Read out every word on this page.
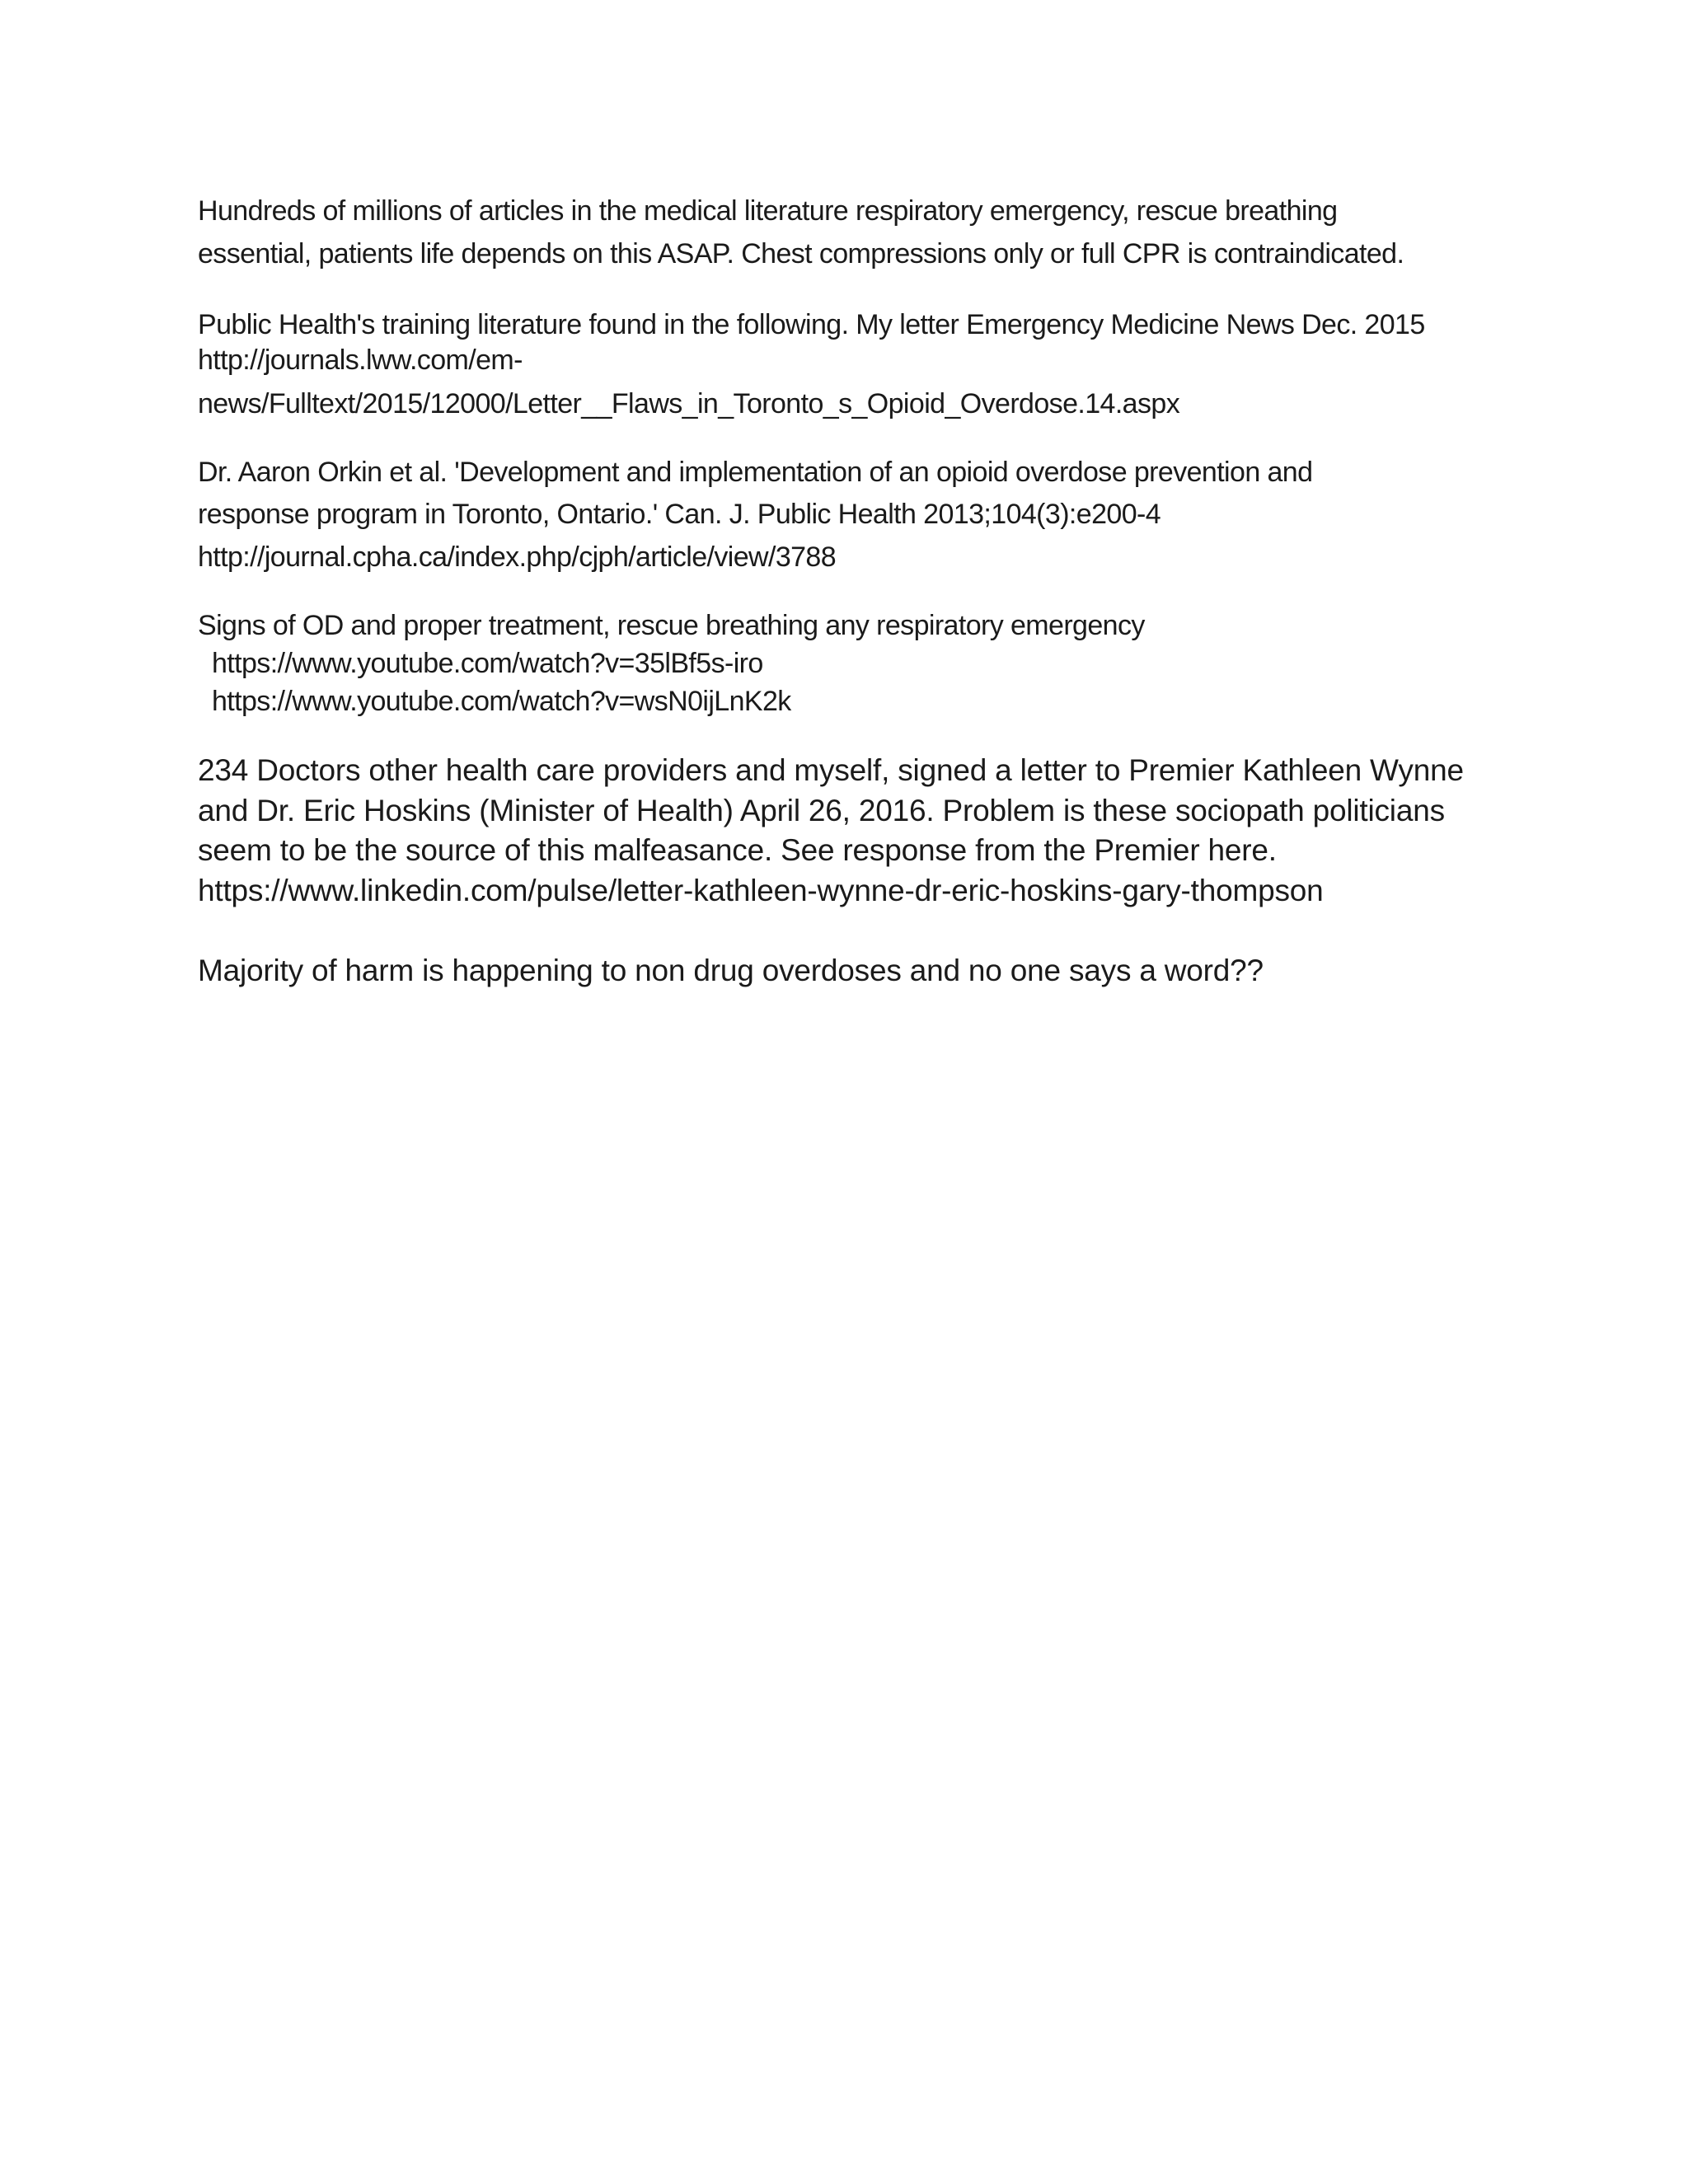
Hundreds of millions of articles in the medical literature respiratory emergency, rescue breathing

essential, patients life depends on this ASAP. Chest compressions only or full CPR is contraindicated.

Public Health's training literature found in the following. My letter Emergency Medicine News Dec. 2015

http://journals.lww.com/em-

news/Fulltext/2015/12000/Letter__Flaws_in_Toronto_s_Opioid_Overdose.14.aspx

Dr. Aaron Orkin et al. 'Development and implementation of an opioid overdose prevention and

response program in Toronto, Ontario.' Can. J. Public Health 2013;104(3):e200-4

http://journal.cpha.ca/index.php/cjph/article/view/3788

Signs of OD and proper treatment, rescue breathing any respiratory emergency

https://www.youtube.com/watch?v=35lBf5s-iro

https://www.youtube.com/watch?v=wsN0ijLnK2k

234 Doctors other health care providers and myself, signed a letter to Premier Kathleen Wynne

and Dr. Eric Hoskins (Minister of Health) April 26, 2016. Problem is these sociopath politicians

seem to be the source of this malfeasance. See response from the Premier here.

https://www.linkedin.com/pulse/letter-kathleen-wynne-dr-eric-hoskins-gary-thompson

Majority of harm is happening to non drug overdoses and no one says a word??
